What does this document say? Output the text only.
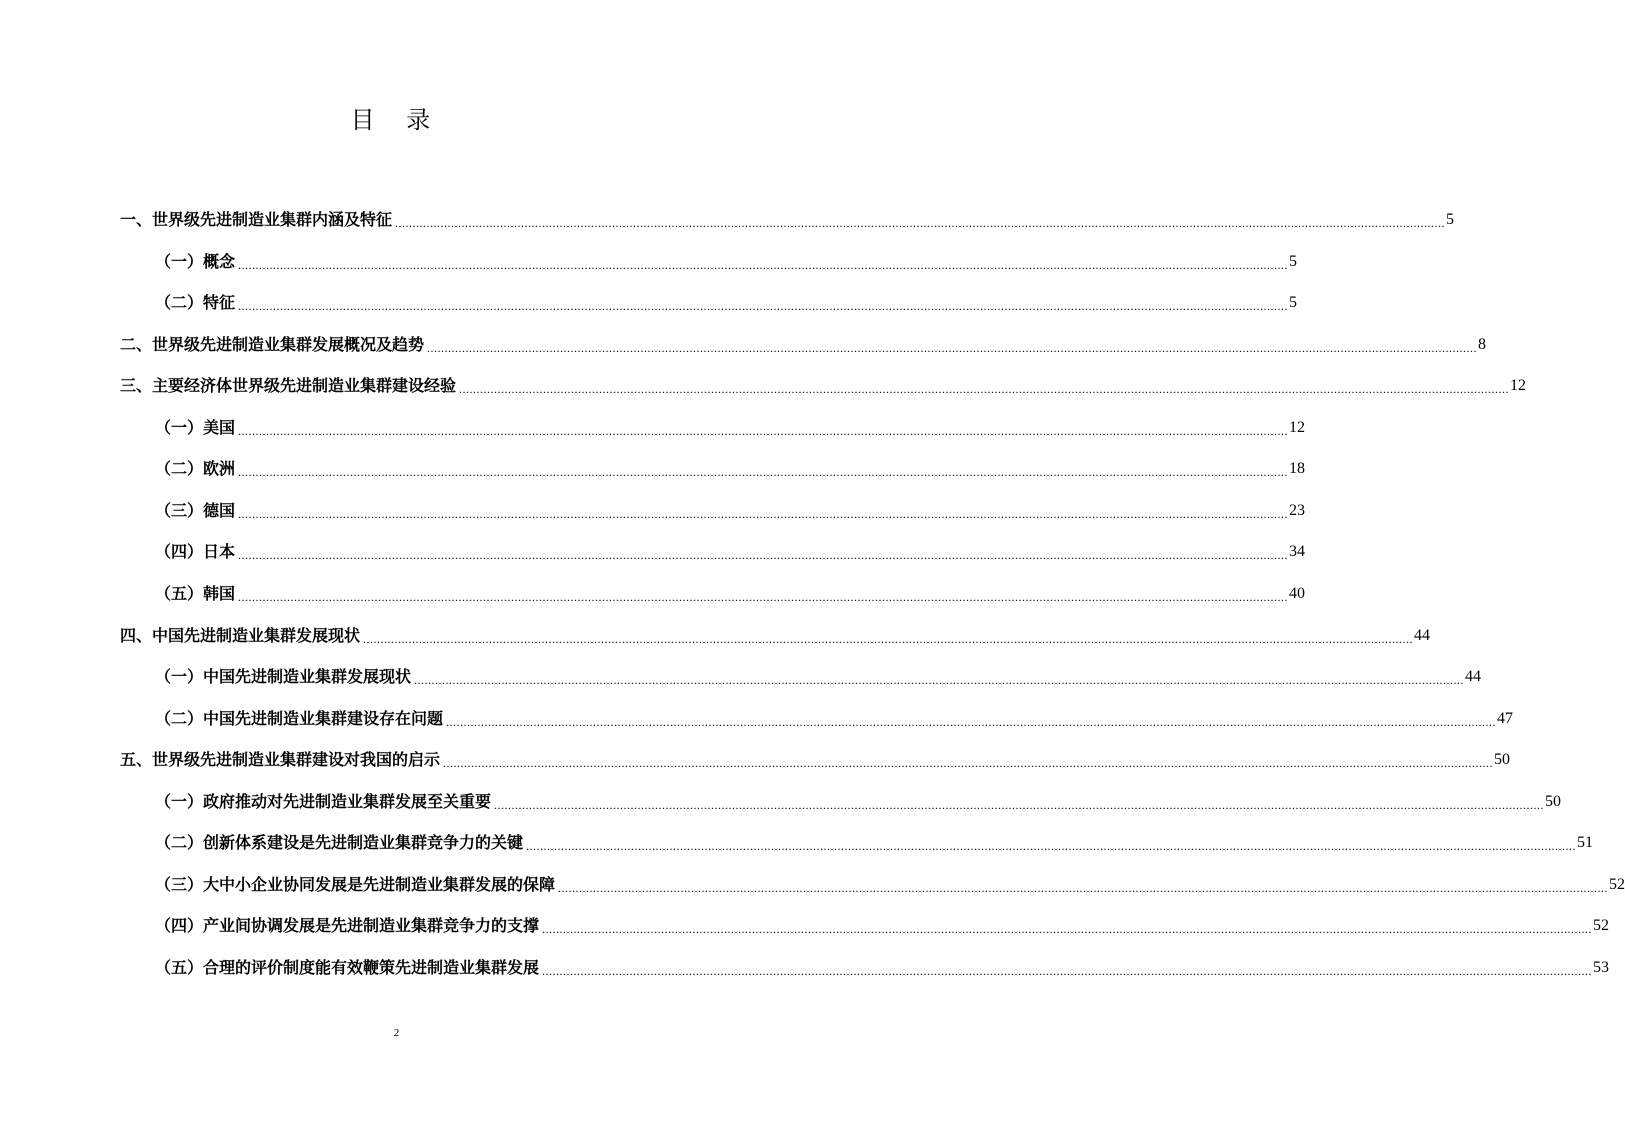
目 录
一、世界级先进制造业集群内涵及特征 ............................................................................................................................................................................................................................................................................................................ 5
（一）概念 ............................................................................................................................................................................................................................................................................................................ 5
（二）特征 ............................................................................................................................................................................................................................................................................................................ 5
二、世界级先进制造业集群发展概况及趋势 ............................................................................................................................................................................................................................................................................................................ 8
三、主要经济体世界级先进制造业集群建设经验 ............................................................................................................................................................................................................................................................................................................ 12
（一）美国 ............................................................................................................................................................................................................................................................................................................ 12
（二）欧洲 ............................................................................................................................................................................................................................................................................................................ 18
（三）德国 ............................................................................................................................................................................................................................................................................................................ 23
（四）日本 ............................................................................................................................................................................................................................................................................................................ 34
（五）韩国 ............................................................................................................................................................................................................................................................................................................ 40
四、中国先进制造业集群发展现状 ............................................................................................................................................................................................................................................................................................................ 44
（一）中国先进制造业集群发展现状 ............................................................................................................................................................................................................................................................................................................ 44
（二）中国先进制造业集群建设存在问题 ............................................................................................................................................................................................................................................................................................................ 47
五、世界级先进制造业集群建设对我国的启示 ............................................................................................................................................................................................................................................................................................................ 50
（一）政府推动对先进制造业集群发展至关重要 ............................................................................................................................................................................................................................................................................................................ 50
（二）创新体系建设是先进制造业集群竞争力的关键 ............................................................................................................................................................................................................................................................................................................ 51
（三）大中小企业协同发展是先进制造业集群发展的保障 ............................................................................................................................................................................................................................................................................................................ 52
（四）产业间协调发展是先进制造业集群竞争力的支撑 ............................................................................................................................................................................................................................................................................................................ 52
（五）合理的评价制度能有效鞭策先进制造业集群发展 ............................................................................................................................................................................................................................................................................................................ 53
2
